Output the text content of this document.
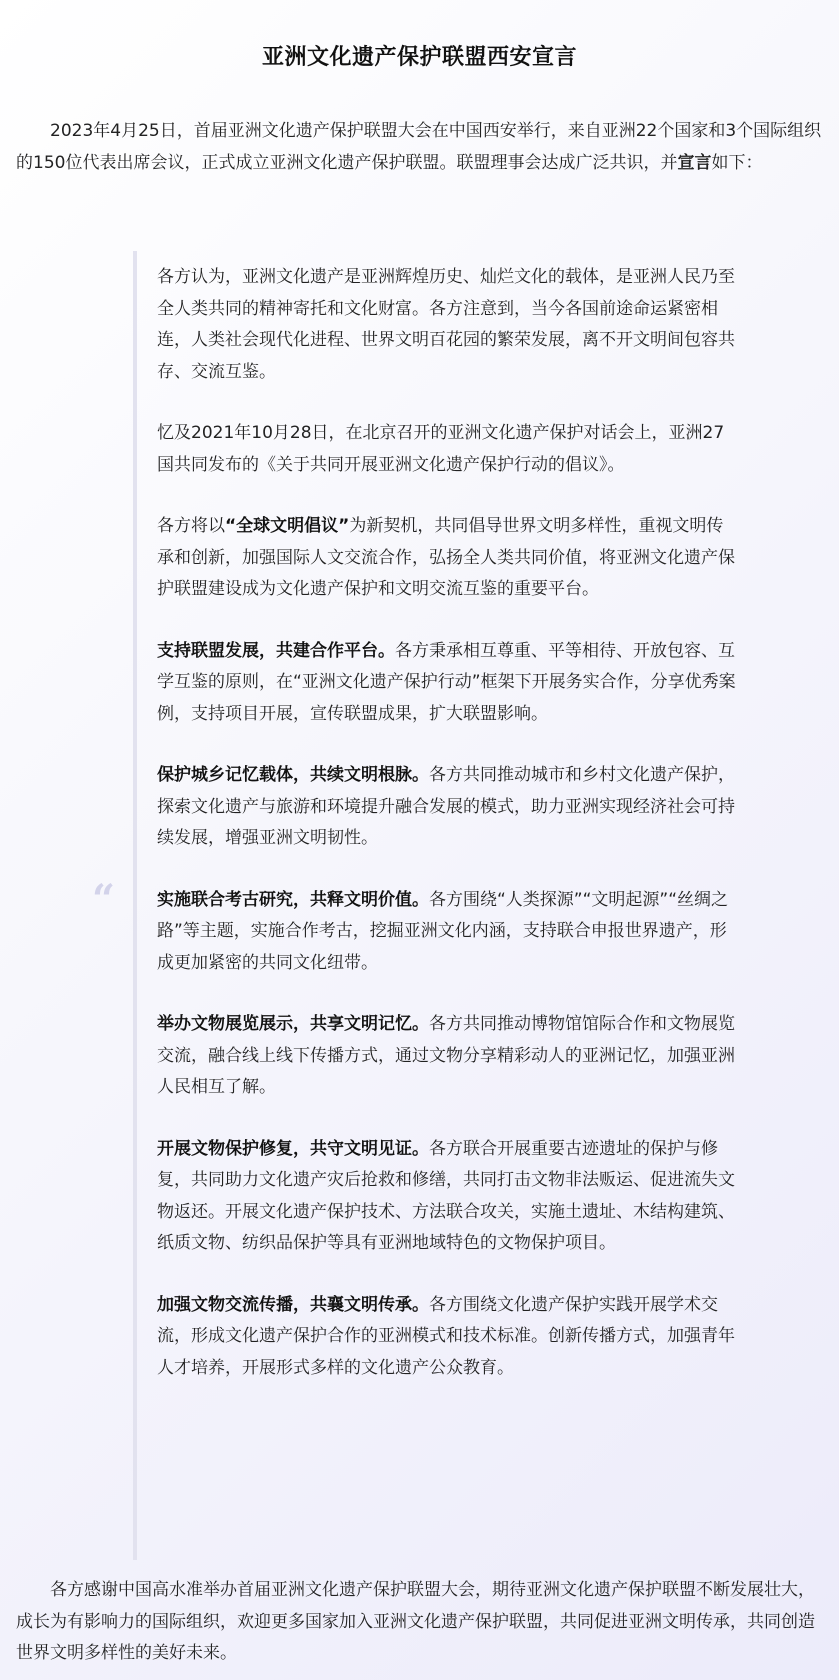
亚洲文化遗产保护联盟西安宣言

2023年4月25日，首届亚洲文化遗产保护联盟大会在中国西安举行，来自亚洲22个国家和3个国际组织的150位代表出席会议，正式成立亚洲文化遗产保护联盟。联盟理事会达成广泛共识，并宣言如下：

“

各方认为，亚洲文化遗产是亚洲辉煌历史、灿烂文化的载体，是亚洲人民乃至全人类共同的精神寄托和文化财富。各方注意到，当今各国前途命运紧密相连，人类社会现代化进程、世界文明百花园的繁荣发展，离不开文明间包容共存、交流互鉴。

忆及2021年10月28日，在北京召开的亚洲文化遗产保护对话会上，亚洲27国共同发布的《关于共同开展亚洲文化遗产保护行动的倡议》。

各方将以“全球文明倡议”为新契机，共同倡导世界文明多样性，重视文明传承和创新，加强国际人文交流合作，弘扬全人类共同价值，将亚洲文化遗产保护联盟建设成为文化遗产保护和文明交流互鉴的重要平台。

支持联盟发展，共建合作平台。各方秉承相互尊重、平等相待、开放包容、互学互鉴的原则，在“亚洲文化遗产保护行动”框架下开展务实合作，分享优秀案例，支持项目开展，宣传联盟成果，扩大联盟影响。

保护城乡记忆载体，共续文明根脉。各方共同推动城市和乡村文化遗产保护，探索文化遗产与旅游和环境提升融合发展的模式，助力亚洲实现经济社会可持续发展，增强亚洲文明韧性。

实施联合考古研究，共释文明价值。各方围绕“人类探源”“文明起源”“丝绸之路”等主题，实施合作考古，挖掘亚洲文化内涵，支持联合申报世界遗产，形成更加紧密的共同文化纽带。

举办文物展览展示，共享文明记忆。各方共同推动博物馆馆际合作和文物展览交流，融合线上线下传播方式，通过文物分享精彩动人的亚洲记忆，加强亚洲人民相互了解。

开展文物保护修复，共守文明见证。各方联合开展重要古迹遗址的保护与修复，共同助力文化遗产灾后抢救和修缮，共同打击文物非法贩运、促进流失文物返还。开展文化遗产保护技术、方法联合攻关，实施土遗址、木结构建筑、纸质文物、纺织品保护等具有亚洲地域特色的文物保护项目。

加强文物交流传播，共襄文明传承。各方围绕文化遗产保护实践开展学术交流，形成文化遗产保护合作的亚洲模式和技术标准。创新传播方式，加强青年人才培养，开展形式多样的文化遗产公众教育。

各方感谢中国高水准举办首届亚洲文化遗产保护联盟大会，期待亚洲文化遗产保护联盟不断发展壮大，成长为有影响力的国际组织，欢迎更多国家加入亚洲文化遗产保护联盟，共同促进亚洲文明传承，共同创造世界文明多样性的美好未来。
